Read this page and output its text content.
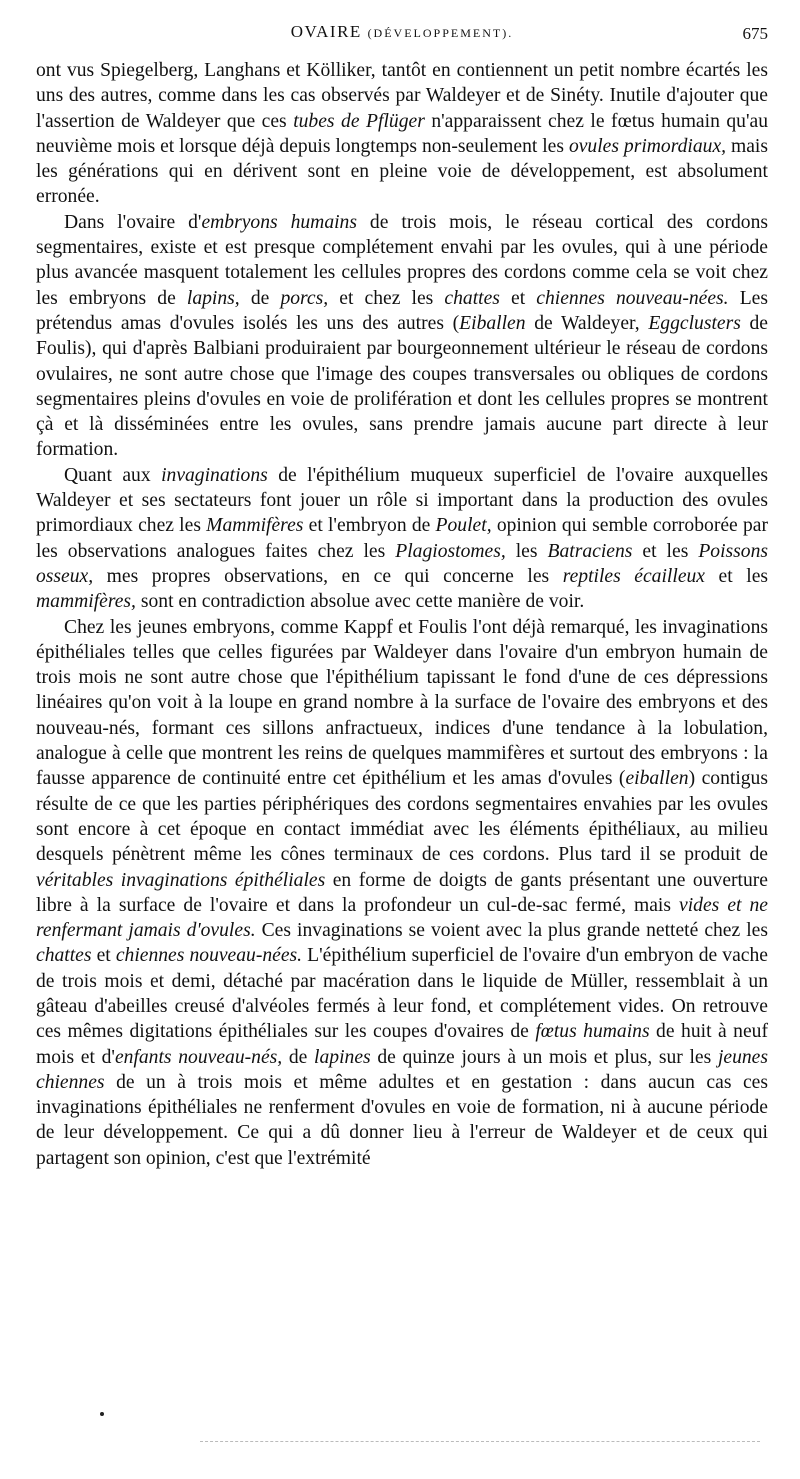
OVAIRE (DÉVELOPPEMENT).	675

ont vus Spiegelberg, Langhans et Kölliker, tantôt en contiennent un petit nombre écartés les uns des autres, comme dans les cas observés par Waldeyer et de Sinéty. Inutile d'ajouter que l'assertion de Waldeyer que ces tubes de Pflüger n'apparaissent chez le fœtus humain qu'au neuvième mois et lorsque déjà depuis longtemps non-seulement les ovules primordiaux, mais les générations qui en dérivent sont en pleine voie de développement, est absolument erronée.

Dans l'ovaire d'embryons humains de trois mois, le réseau cortical des cordons segmentaires, existe et est presque complétement envahi par les ovules, qui à une période plus avancée masquent totalement les cellules propres des cordons comme cela se voit chez les embryons de lapins, de porcs, et chez les chattes et chiennes nouveau-nées. Les prétendus amas d'ovules isolés les uns des autres (Eiballen de Waldeyer, Eggclusters de Foulis), qui d'après Balbiani produiraient par bourgeonnement ultérieur le réseau de cordons ovulaires, ne sont autre chose que l'image des coupes transversales ou obliques de cordons segmentaires pleins d'ovules en voie de prolifération et dont les cellules propres se montrent çà et là disséminées entre les ovules, sans prendre jamais aucune part directe à leur formation.

Quant aux invaginations de l'épithélium muqueux superficiel de l'ovaire auxquelles Waldeyer et ses sectateurs font jouer un rôle si important dans la production des ovules primordiaux chez les Mammifères et l'embryon de Poulet, opinion qui semble corroborée par les observations analogues faites chez les Plagiostomes, les Batraciens et les Poissons osseux, mes propres observations, en ce qui concerne les reptiles écailleux et les mammifères, sont en contradiction absolue avec cette manière de voir.

Chez les jeunes embryons, comme Kappf et Foulis l'ont déjà remarqué, les invaginations épithéliales telles que celles figurées par Waldeyer dans l'ovaire d'un embryon humain de trois mois ne sont autre chose que l'épithélium tapissant le fond d'une de ces dépressions linéaires qu'on voit à la loupe en grand nombre à la surface de l'ovaire des embryons et des nouveau-nés, formant ces sillons anfractueux, indices d'une tendance à la lobulation, analogue à celle que montrent les reins de quelques mammifères et surtout des embryons : la fausse apparence de continuité entre cet épithélium et les amas d'ovules (eiballen) contigus résulte de ce que les parties périphériques des cordons segmentaires envahies par les ovules sont encore à cet époque en contact immédiat avec les éléments épithéliaux, au milieu desquels pénètrent même les cônes terminaux de ces cordons. Plus tard il se produit de véritables invaginations épithéliales en forme de doigts de gants présentant une ouverture libre à la surface de l'ovaire et dans la profondeur un cul-de-sac fermé, mais vides et ne renfermant jamais d'ovules. Ces invaginations se voient avec la plus grande netteté chez les chattes et chiennes nouveau-nées. L'épithélium superficiel de l'ovaire d'un embryon de vache de trois mois et demi, détaché par macération dans le liquide de Müller, ressemblait à un gâteau d'abeilles creusé d'alvéoles fermés à leur fond, et complétement vides. On retrouve ces mêmes digitations épithéliales sur les coupes d'ovaires de fœtus humains de huit à neuf mois et d'enfants nouveau-nés, de lapines de quinze jours à un mois et plus, sur les jeunes chiennes de un à trois mois et même adultes et en gestation : dans aucun cas ces invaginations épithéliales ne renferment d'ovules en voie de formation, ni à aucune période de leur développement. Ce qui a dû donner lieu à l'erreur de Waldeyer et de ceux qui partagent son opinion, c'est que l'extrémité
